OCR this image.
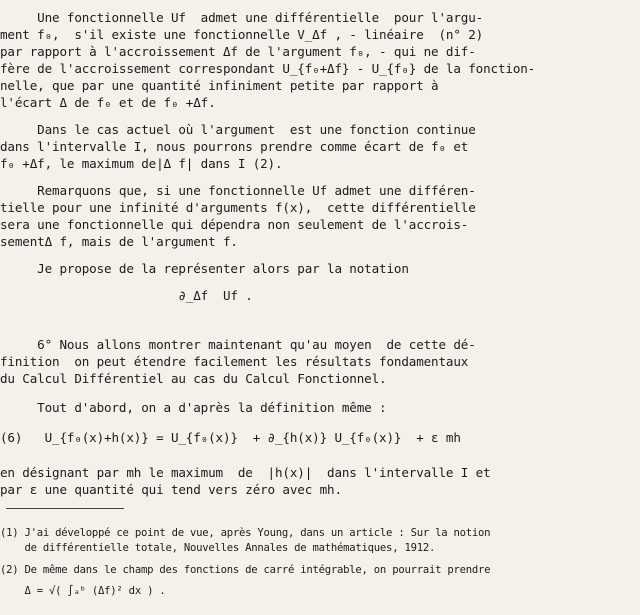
Une fonctionnelle Uf  admet une différentielle  pour l'argu-
ment f₀,  s'il existe une fonctionnelle V_Δf , - linéaire  (n° 2)
par rapport à l'accroissement Δf de l'argument f₀, - qui ne dif-
fère de l'accroissement correspondant U_{f₀+Δf} - U_{f₀} de la fonction-
nelle, que par une quantité infiniment petite par rapport à
l'écart Δ de f₀ et de f₀ +Δf.
Dans le cas actuel où l'argument  est une fonction continue
dans l'intervalle I, nous pourrons prendre comme écart de f₀ et
f₀ +Δf, le maximum de|Δ f| dans I (2).
Remarquons que, si une fonctionnelle Uf admet une différen-
tielle pour une infinité d'arguments f(x),  cette différentielle
sera une fonctionnelle qui dépendra non seulement de l'accrois-
sementΔ f, mais de l'argument f.
Je propose de la représenter alors par la notation
∂_Δf  Uf .
6° Nous allons montrer maintenant qu'au moyen  de cette dé-
finition  on peut étendre facilement les résultats fondamentaux
du Calcul Différentiel au cas du Calcul Fonctionnel.
Tout d'abord, on a d'après la définition même :
(6)   U_{f₀(x)+h(x)} = U_{f₀(x)}  + ∂_{h(x)} U_{f₀(x)}  + ε mh
en désignant par mh le maximum  de  |h(x)|  dans l'intervalle I et
par ε une quantité qui tend vers zéro avec mh.
(1) J'ai développé ce point de vue, après Young, dans un article : Sur la notion
de différentielle totale, Nouvelles Annales de mathématiques, 1912.
(2) De même dans le champ des fonctions de carré intégrable, on pourrait prendre
Δ = √( ∫ₐᵇ (Δf)² dx ) .
